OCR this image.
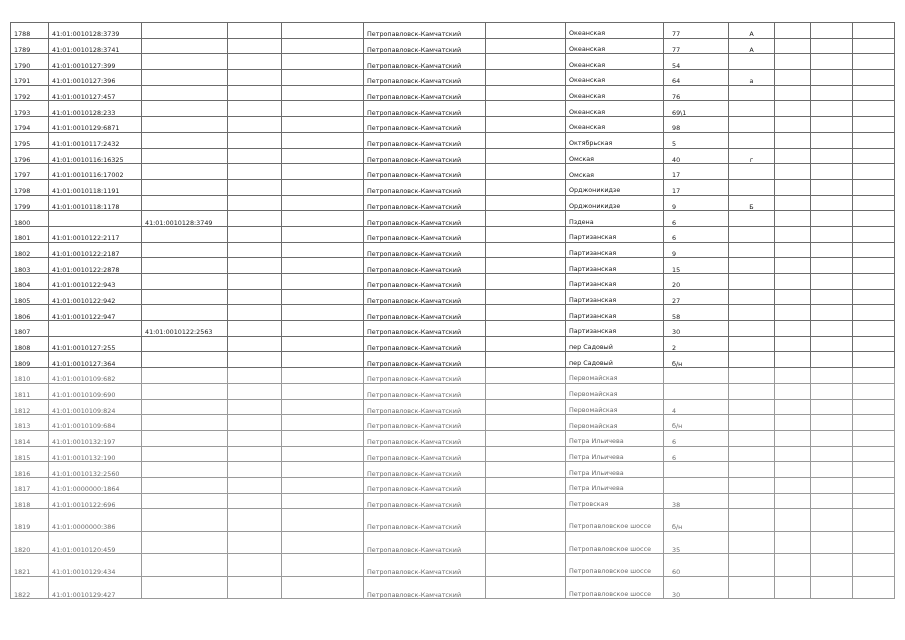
1788	41:01:0010128:3739				Петропавловск-Камчатский		Океанская	77	А			
1789	41:01:0010128:3741				Петропавловск-Камчатский		Океанская	77	А			
1790	41:01:0010127:399				Петропавловск-Камчатский		Океанская	54				
1791	41:01:0010127:396				Петропавловск-Камчатский		Океанская	64	а			
1792	41:01:0010127:457				Петропавловск-Камчатский		Океанская	76				
1793	41:01:0010128:233				Петропавловск-Камчатский		Океанская	69\1				
1794	41:01:0010129:6871				Петропавловск-Камчатский		Океанская	98				
1795	41:01:0010117:2432				Петропавловск-Камчатский		Октябрьская	5				
1796	41:01:0010116:16325				Петропавловск-Камчатский		Омская	40	г			
1797	41:01:0010116:17002				Петропавловск-Камчатский		Омская	17				
1798	41:01:0010118:1191				Петропавловск-Камчатский		Орджоникидзе	17				
1799	41:01:0010118:1178				Петропавловск-Камчатский		Орджоникидзе	9	Б			
1800		41:01:0010128:3749			Петропавловск-Камчатский		Пздена	6				
1801	41:01:0010122:2117				Петропавловск-Камчатский		Партизанская	6				
1802	41:01:0010122:2187				Петропавловск-Камчатский		Партизанская	9				
1803	41:01:0010122:2878				Петропавловск-Камчатский		Партизанская	15				
1804	41:01:0010122:943				Петропавловск-Камчатский		Партизанская	20				
1805	41:01:0010122:942				Петропавловск-Камчатский		Партизанская	27				
1806	41:01:0010122:947				Петропавловск-Камчатский		Партизанская	58				
1807		41:01:0010122:2563			Петропавловск-Камчатский		Партизанская	30				
1808	41:01:0010127:255				Петропавловск-Камчатский		пер Садовый	2				
1809	41:01:0010127:364				Петропавловск-Камчатский		пер Садовый	б/н				
1810	41:01:0010109:682				Петропавловск-Камчатский		Первомайская					
1811	41:01:0010109:690				Петропавловск-Камчатский		Первомайская					
1812	41:01:0010109:824				Петропавловск-Камчатский		Первомайская	4				
1813	41:01:0010109:684				Петропавловск-Камчатский		Первомайская	б/н				
1814	41:01:0010132:197				Петропавловск-Камчатский		Петра Ильичева	6				
1815	41:01:0010132:190				Петропавловск-Камчатский		Петра Ильичева	6				
1816	41:01:0010132:2560				Петропавловск-Камчатский		Петра Ильичева					
1817	41:01:0000000:1864				Петропавловск-Камчатский		Петра Ильичева					
1818	41:01:0010122:696				Петропавловск-Камчатский		Петровская	38				
1819	41:01:0000000:386				Петропавловск-Камчатский		Петропавловское шоссе	б/н				
1820	41:01:0010120:459				Петропавловск-Камчатский		Петропавловское шоссе	35				
1821	41:01:0010129:434				Петропавловск-Камчатский		Петропавловское шоссе	60				
1822	41:01:0010129:427				Петропавловск-Камчатский		Петропавловское шоссе	30				
